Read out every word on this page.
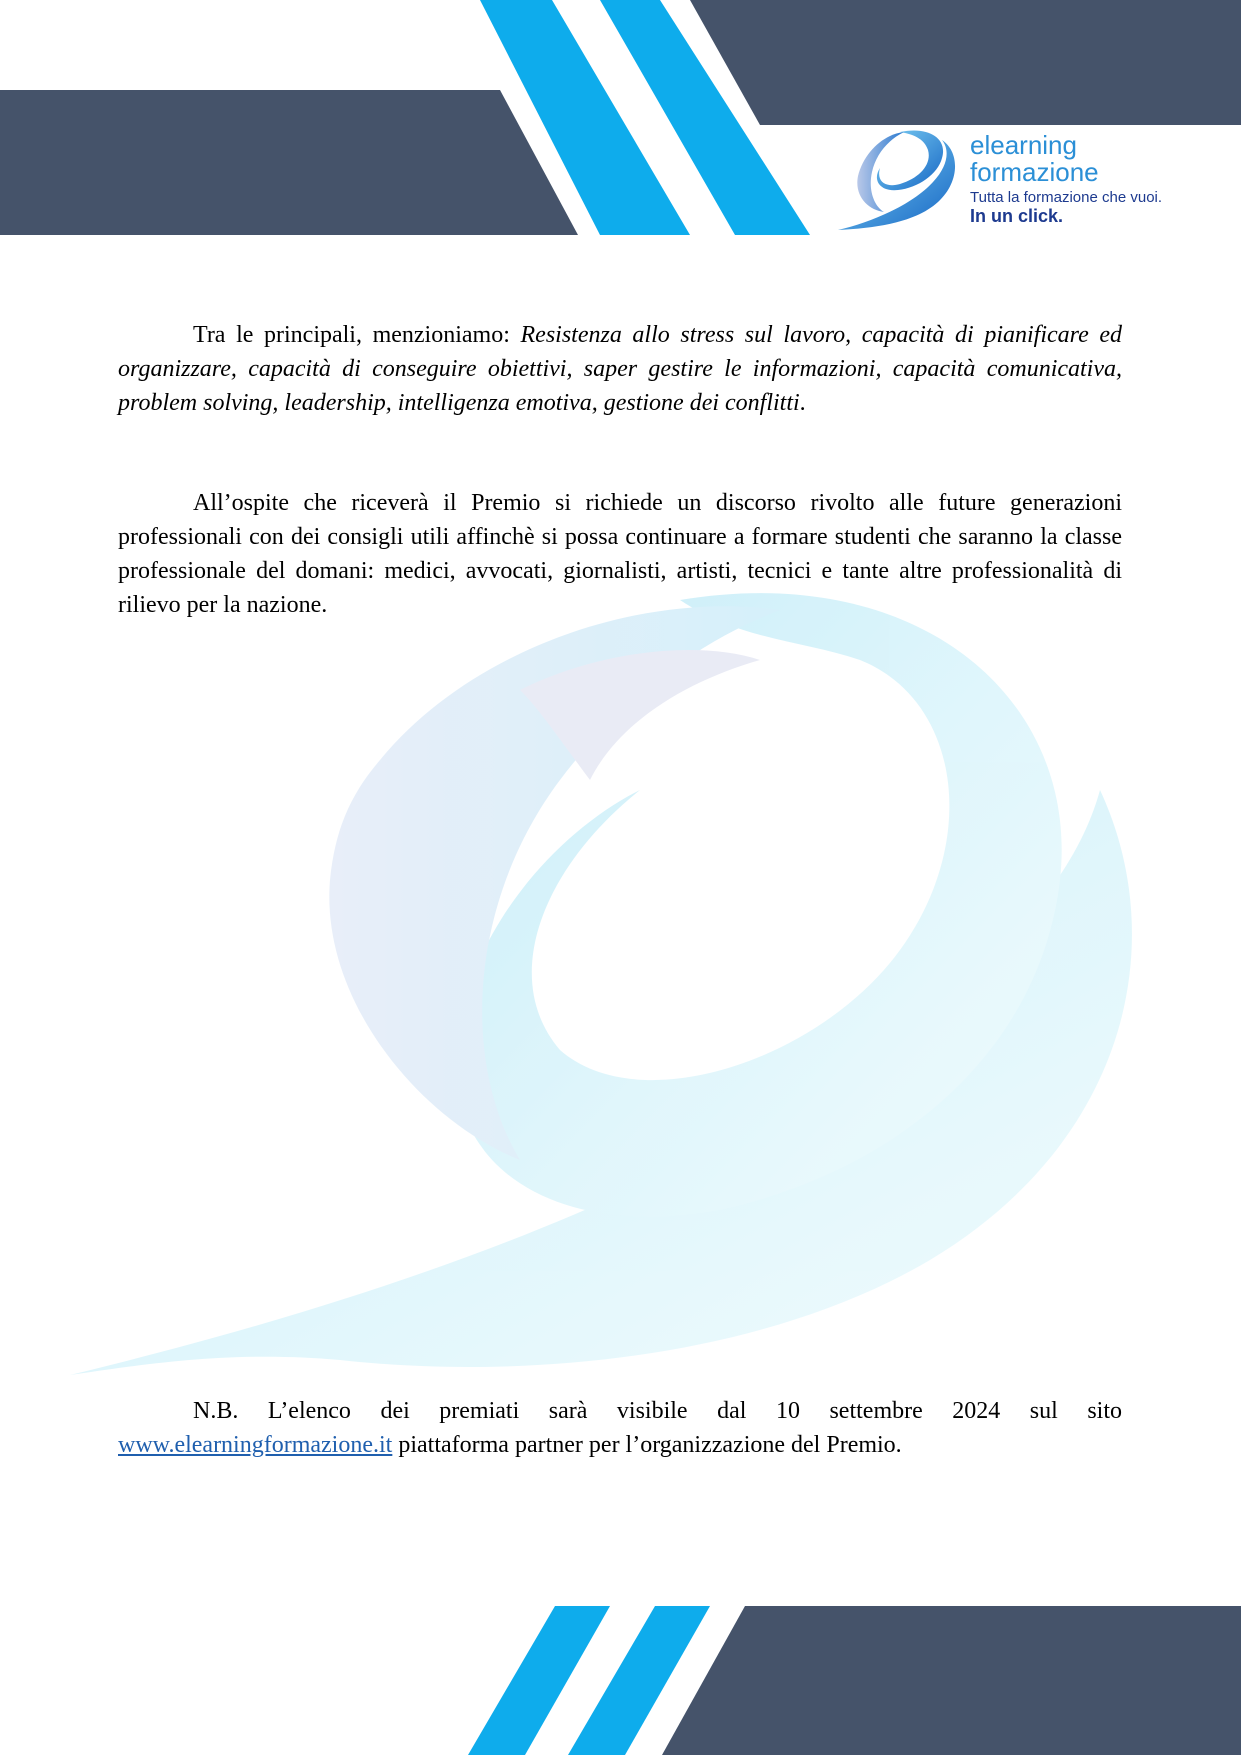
elearning
formazione
Tutta la formazione che vuoi.
In un click.

Tra le principali, menzioniamo: Resistenza allo stress sul lavoro, capacità di pianificare ed organizzare, capacità di conseguire obiettivi, saper gestire le informazioni, capacità comunicativa, problem solving, leadership, intelligenza emotiva, gestione dei conflitti.

All’ospite che riceverà il Premio si richiede un discorso rivolto alle future generazioni professionali con dei consigli utili affinchè si possa continuare a formare studenti che saranno la classe professionale del domani: medici, avvocati, giornalisti, artisti, tecnici e tante altre professionalità di rilievo per la nazione.

N.B. L’elenco dei premiati sarà visibile dal 10 settembre 2024 sul sito www.elearningformazione.it piattaforma partner per l’organizzazione del Premio.
